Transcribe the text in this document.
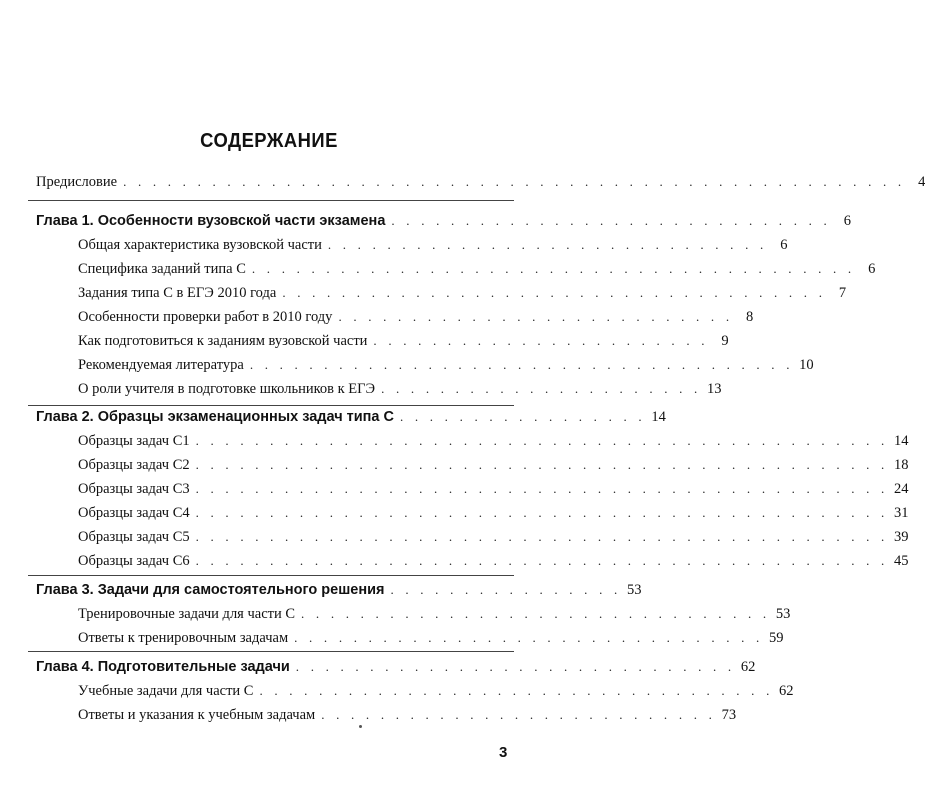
СОДЕРЖАНИЕ
Предисловие . . . . . . . . . . . . . . . . . . . . . . . . . . . . . . . . . . . . . . . . . . . . . . . . . . . . . 4
Глава 1. Особенности вузовской части экзамена . . . . . . . . . . . . . . . . . . . . . . . . . . . . . . 6
Общая характеристика вузовской части . . . . . . . . . . . . . . . . . . . . . . . . . . . . . . 6
Специфика заданий типа С . . . . . . . . . . . . . . . . . . . . . . . . . . . . . . . . . . . . . . . . . 6
Задания типа С в ЕГЭ 2010 года . . . . . . . . . . . . . . . . . . . . . . . . . . . . . . . . . . . . . 7
Особенности проверки работ в 2010 году . . . . . . . . . . . . . . . . . . . . . . . . . . . 8
Как подготовиться к заданиям вузовской части . . . . . . . . . . . . . . . . . . . . . . . 9
Рекомендуемая литература . . . . . . . . . . . . . . . . . . . . . . . . . . . . . . . . . . . . . 10
О роли учителя в подготовке школьников к ЕГЭ . . . . . . . . . . . . . . . . . . . . . . 13
Глава 2. Образцы экзаменационных задач типа С . . . . . . . . . . . . . . . . . 14
Образцы задач С1 . . . . . . . . . . . . . . . . . . . . . . . . . . . . . . . . . . . . . . . . . . . . . . . 14
Образцы задач С2 . . . . . . . . . . . . . . . . . . . . . . . . . . . . . . . . . . . . . . . . . . . . . . . 18
Образцы задач С3 . . . . . . . . . . . . . . . . . . . . . . . . . . . . . . . . . . . . . . . . . . . . . . . 24
Образцы задач С4 . . . . . . . . . . . . . . . . . . . . . . . . . . . . . . . . . . . . . . . . . . . . . . . 31
Образцы задач С5 . . . . . . . . . . . . . . . . . . . . . . . . . . . . . . . . . . . . . . . . . . . . . . . 39
Образцы задач С6 . . . . . . . . . . . . . . . . . . . . . . . . . . . . . . . . . . . . . . . . . . . . . . . 45
Глава 3. Задачи для самостоятельного решения . . . . . . . . . . . . . . . . 53
Тренировочные задачи для части С . . . . . . . . . . . . . . . . . . . . . . . . . . . . . . . . 53
Ответы к тренировочным задачам . . . . . . . . . . . . . . . . . . . . . . . . . . . . . . . . 59
Глава 4. Подготовительные задачи . . . . . . . . . . . . . . . . . . . . . . . . . . . . . . 62
Учебные задачи для части С . . . . . . . . . . . . . . . . . . . . . . . . . . . . . . . . . . . 62
Ответы и указания к учебным задачам . . . . . . . . . . . . . . . . . . . . . . . . . . . 73
3
